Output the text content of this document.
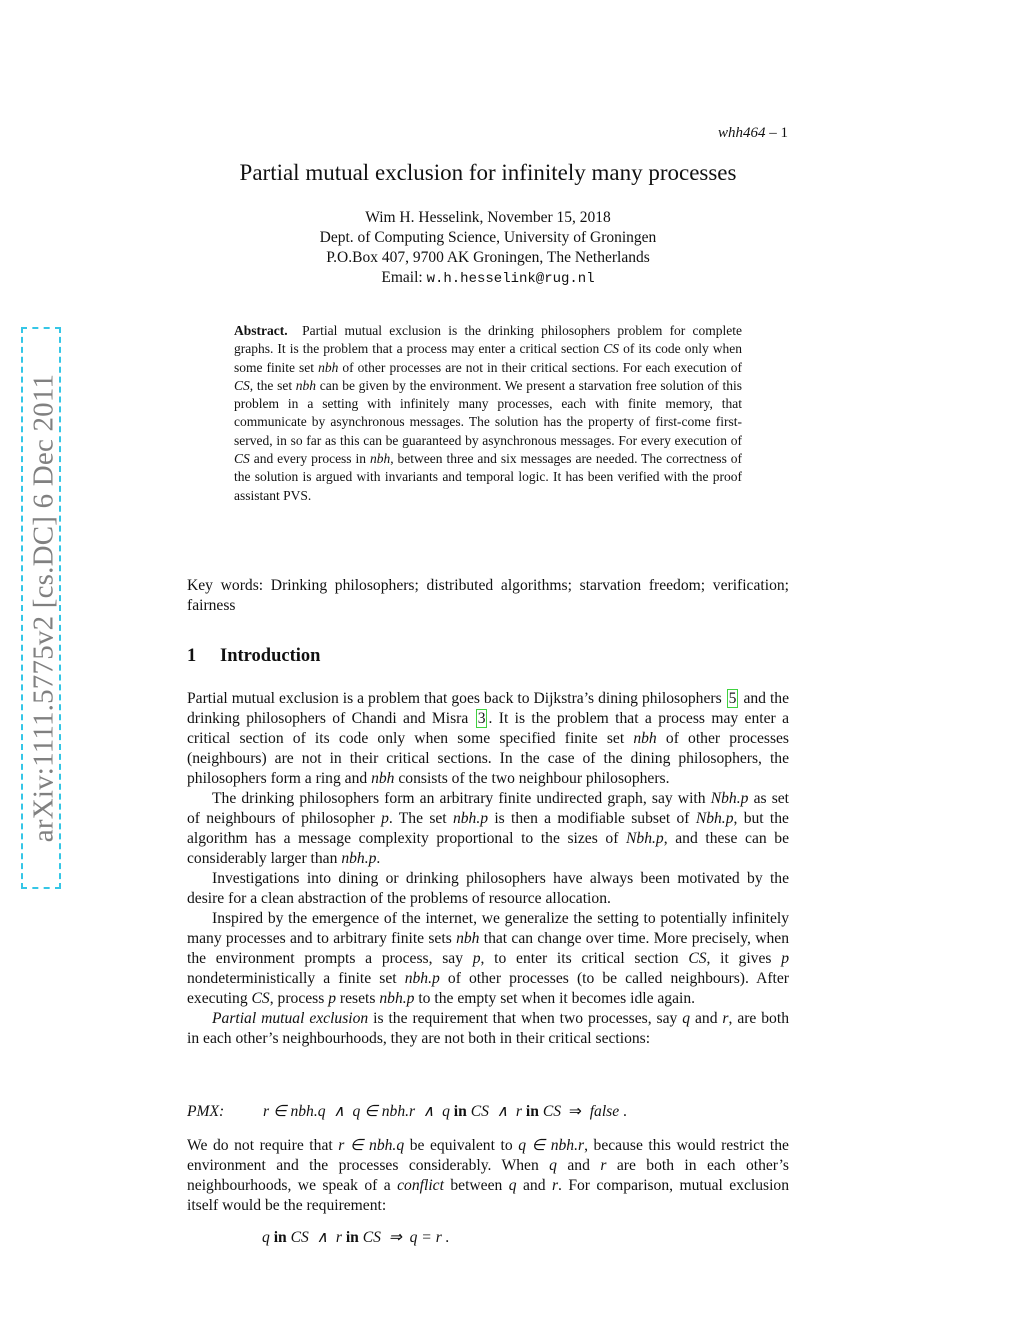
arXiv:1111.5775v2 [cs.DC] 6 Dec 2011
whh464 – 1
Partial mutual exclusion for infinitely many processes
Wim H. Hesselink, November 15, 2018
Dept. of Computing Science, University of Groningen
P.O.Box 407, 9700 AK Groningen, The Netherlands
Email: w.h.hesselink@rug.nl

Abstract. Partial mutual exclusion is the drinking philosophers problem for complete graphs. It is the problem that a process may enter a critical section CS of its code only when some finite set nbh of other processes are not in their critical sections. For each execution of CS, the set nbh can be given by the environment. We present a starvation free solution of this problem in a setting with infinitely many processes, each with finite memory, that communicate by asynchronous messages. The solution has the property of first-come first-served, in so far as this can be guaranteed by asynchronous messages. For every execution of CS and every process in nbh, between three and six messages are needed. The correctness of the solution is argued with invariants and temporal logic. It has been verified with the proof assistant PVS.

Key words: Drinking philosophers; distributed algorithms; starvation freedom; verification; fairness

1 Introduction

Partial mutual exclusion is a problem that goes back to Dijkstra’s dining philosophers 5 and the drinking philosophers of Chandi and Misra 3 . It is the problem that a process may enter a critical section of its code only when some specified finite set nbh of other processes (neighbours) are not in their critical sections. In the case of the dining philosophers, the philosophers form a ring and nbh consists of the two neighbour philosophers.

The drinking philosophers form an arbitrary finite undirected graph, say with Nbh.p as set of neighbours of philosopher p. The set nbh.p is then a modifiable subset of Nbh.p, but the algorithm has a message complexity proportional to the sizes of Nbh.p, and these can be considerably larger than nbh.p.

Investigations into dining or drinking philosophers have always been motivated by the desire for a clean abstraction of the problems of resource allocation.

Inspired by the emergence of the internet, we generalize the setting to potentially infinitely many processes and to arbitrary finite sets nbh that can change over time. More precisely, when the environment prompts a process, say p, to enter its critical section CS, it gives p nondeterministically a finite set nbh.p of other processes (to be called neighbours). After executing CS, process p resets nbh.p to the empty set when it becomes idle again.

Partial mutual exclusion is the requirement that when two processes, say q and r, are both in each other’s neighbourhoods, they are not both in their critical sections:

PMX: r ∈ nbh.q  ∧  q ∈ nbh.r  ∧  q in CS  ∧  r in CS  ⇒  false .

We do not require that r ∈ nbh.q be equivalent to q ∈ nbh.r, because this would restrict the environment and the processes considerably. When q and r are both in each other’s neighbourhoods, we speak of a conflict between q and r. For comparison, mutual exclusion itself would be the requirement:

q in CS  ∧  r in CS  ⇒  q = r .
